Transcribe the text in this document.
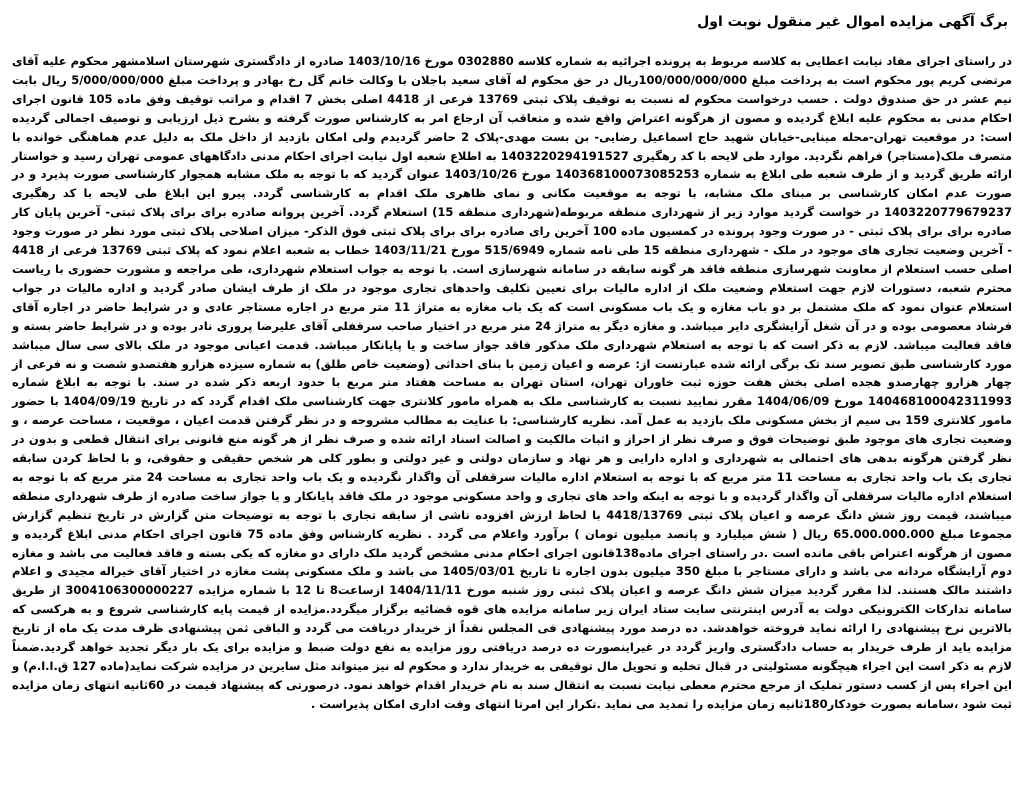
برگ آگهی مزایده اموال غیر منقول نوبت اول

در راستای اجرای مفاد نیابت اعطایی به کلاسه مربوط به پرونده اجرائیه به شماره کلاسه 0302880 مورخ 1403/10/16 صادره از دادگستری شهرستان اسلامشهر محکوم علیه آقای مرتضی کریم پور محکوم است به پرداخت مبلغ 100/000/000/000ریال در حق محکوم له آقای سعید باجلان با وکالت خانم گل رخ بهادر و پرداخت مبلغ 5/000/000/000 ریال بابت نیم عشر در حق صندوق دولت . حسب درخواست محکوم له نسبت به توقیف پلاک ثبتی 13769 فرعی از 4418 اصلی بخش 7 اقدام و مراتب توقیف وفق ماده 105 قانون اجرای احکام مدنی به محکوم علیه ابلاغ گردیده و مصون از هرگونه اعتراض واقع شده و متعاقب آن ارجاع امر به کارشناس صورت گرفته و بشرح ذیل ارزیابی و توصیف اجمالی گردیده است: در موقعیت تهران-محله مینایی-خیابان شهید حاج اسماعیل رضایی- بن بست مهدی-پلاک 2 حاضر گردیدم ولی امکان بازدید از داخل ملک به دلیل عدم هماهنگی خوانده با متصرف ملک(مستاجر) فراهم نگردید. موارد طی لایحه با کد رهگیری 1403220294191527 به اطلاع شعبه اول نیابت اجرای احکام مدنی دادگاههای عمومی تهران رسید و خواستار ارائه طریق گردید و از طرف شعبه طی ابلاغ به شماره 140368100073085253 مورخ 1403/10/26 عنوان گردید که با توجه به ملک مشابه همجوار کارشناسی صورت پذیرد و در صورت عدم امکان کارشناسی بر مبنای ملک مشابه، با توجه به موقعیت مکانی و نمای ظاهری ملک اقدام به کارشناسی گردد. پیرو این ابلاغ طی لایحه با کد رهگیری 1403220779679237 در خواست گردید موارد زیر از شهرداری منطقه مربوطه(شهرداری منطقه 15) استعلام گردد. آخرین پروانه صادره برای برای پلاک ثبتی- آخرین پایان کار صادره برای برای پلاک ثبتی - در صورت وجود پرونده در کمسیون ماده 100 آخرین رای صادره برای برای پلاک ثبتی فوق الذکر- میزان اصلاحی پلاک ثبتی مورد نظر در صورت وجود - آخرین وضعیت تجاری های موجود در ملک - شهرداری منطقه 15 طی نامه شماره 515/6949 مورخ 1403/11/21 خطاب به شعبه اعلام نمود که پلاک ثبتی 13769 فرعی از 4418 اصلی حسب استعلام از معاونت شهرسازی منطقه فاقد هر گونه سابقه در سامانه شهرسازی است. با توجه به جواب استعلام شهرداری، طی مراجعه و مشورت حضوری با ریاست محترم شعبه، دستورات لازم جهت استعلام وضعیت ملک از اداره مالیات برای تعیین تکلیف واحدهای تجاری موجود در ملک از طرف ایشان صادر گردید و اداره مالیات در جواب استعلام عنوان نمود که ملک مشتمل بر دو باب مغازه و یک باب مسکونی است که یک باب مغازه به متراژ 11 متر مربع در اجاره مستاجر عادی و در شرایط حاضر در اجاره آقای فرشاد معصومی بوده و در آن شغل آرایشگری دایر میباشد. و مغازه دیگر به متراژ 24 متر مربع در اختیار صاحب سرقفلی آقای علیرضا پروری نادر بوده و در شرایط حاضر بسته و فاقد فعالیت میباشد. لازم به ذکر است که با توجه به استعلام شهرداری ملک مذکور فاقد جواز ساخت و یا پایانکار میباشد. قدمت اعیانی موجود در ملک بالای سی سال میباشد مورد کارشناسی طبق تصویر سند تک برگی ارائه شده عبارتست از: عرصه و اعیان زمین با بنای احداثی (وضعیت خاص طلق) به شماره سیزده هزارو هفتصدو شصت و نه فرعی از چهار هزارو چهارصدو هجده اصلی بخش هفت حوزه ثبت خاوران تهران، استان تهران به مساحت هفتاد متر مربع با حدود اربعه ذکر شده در سند. با توجه به ابلاغ شماره 140468100042311993 مورخ 1404/06/09 مقرر نمایید نسبت به کارشناسی ملک به همراه مامور کلانتری جهت کارشناسی ملک اقدام گردد که در تاریخ 1404/09/19 با حضور مامور کلانتری 159 بی سیم از بخش مسکونی ملک بازدید به عمل آمد. نظریه کارشناسی: با عنایت به مطالب مشروحه و در نظر گرفتن قدمت اعیان ، موقعیت ، مساحت عرصه ، و وضعیت تجاری های موجود طبق توضیحات فوق و صرف نظر از احراز و اثبات مالکیت و اصالت اسناد ارائه شده و صرف نظر از هر گونه منع قانونی برای انتقال قطعی و بدون در نظر گرفتن هرگونه بدهی های احتمالی به شهرداری و اداره دارایی و هر نهاد و سازمان دولتی و غیر دولتی و بطور کلی هر شخص حقیقی و حقوقی، و با لحاظ کردن سابقه تجاری یک باب واحد تجاری به مساحت 11 متر مربع که با توجه به استعلام اداره مالیات سرقفلی آن واگذار نگردیده و یک باب واحد تجاری به مساحت 24 متر مربع که با توجه به استعلام اداره مالیات سرقفلی آن واگذار گردیده و با توجه به اینکه واحد های تجاری و واحد مسکونی موجود در ملک فاقد پایانکار و یا جواز ساخت صادره از طرف شهرداری منطقه میباشند، قیمت روز شش دانگ عرصه و اعیان پلاک ثبتی 4418/13769 با لحاظ ارزش افزوده ناشی از سابقه تجاری با توجه به توضیحات متن گزارش در تاریخ تنظیم گزارش مجموعا مبلغ 65.000.000.000 ریال ( شش میلیارد و پانصد میلیون تومان ) برآورد واعلام می گردد . نظریه کارشناس وفق ماده 75 قانون اجرای احکام مدنی ابلاغ گردیده و مصون از هرگونه اعتراض باقی مانده است .در راستای اجرای ماده138قانون اجرای احکام مدنی مشخص گردید ملک دارای دو مغازه که یکی بسته و فاقد فعالیت می باشد و مغازه دوم آرایشگاه مردانه می باشد و دارای مستاجر با مبلغ 350 میلیون بدون اجاره تا تاریخ 1405/03/01 می باشد و ملک مسکونی پشت مغازه در اختیار آقای خیراله مجیدی و اعلام داشتند مالک هستند. لذا مقرر گردید میزان شش دانگ عرصه و اعیان پلاک ثبتی روز شنبه مورخ 1404/11/11 ازساعت8 تا 12 با شماره مزایده 3004106300000227 از طریق سامانه تدارکات الکترونیکی دولت به آدرس اینترنتی سایت ستاد ایران زیر سامانه مزایده های قوه قضائیه برگزار میگردد.مزایده از قیمت پایه کارشناسی شروع و به هرکسی که بالاترین نرخ پیشنهادی را ارائه نماید فروخته خواهدشد. ده درصد مورد پیشنهادی فی المجلس نقداً از خریدار دریافت می گردد و الباقی ثمن پیشنهادی ظرف مدت یک ماه از تاریخ مزایده باید از طرف خریدار به حساب دادگستری واریز گردد در غیراینصورت ده درصد دریافتی روز مزایده به نفع دولت ضبط و مزایده برای یک بار دیگر تجدید خواهد گردید.ضمناً لازم به ذکر است این اجراء هیچگونه مسئولیتی در قبال تخلیه و تحویل مال توقیفی به خریدار ندارد و محکوم له نیز میتواند مثل سایرین در مزایده شرکت نماید(ماده 127 ق.ا.ا.م) و این اجراء پس از کسب دستور تملیک از مرجع محترم معطی نیابت نسبت به انتقال سند به نام خریدار اقدام خواهد نمود. درصورتی که پیشنهاد قیمت در 60ثانیه انتهای زمان مزایده ثبت شود ،سامانه بصورت خودکار180ثانیه زمان مزایده را تمدید می نماید .تکرار این امرتا انتهای وقت اداری امکان پذیراست .
